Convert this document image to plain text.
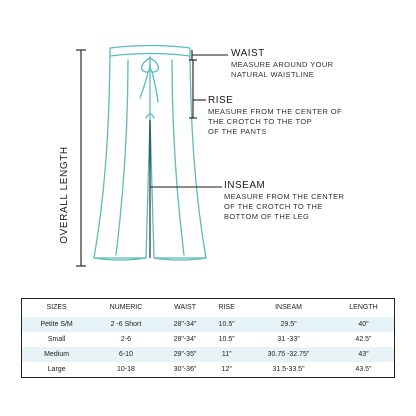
WAIST
MEASURE AROUND YOUR
NATURAL WAISTLINE
RISE
MEASURE FROM THE CENTER OF
THE CROTCH TO THE TOP
OF THE PANTS
INSEAM
MEASURE FROM THE CENTER
OF THE CROTCH TO THE
BOTTOM OF THE LEG
OVERALL LENGTH
SIZES	NUMERIC	WAIST	RISE	INSEAM	LENGTH
Petite S/M	2 -6 Short	28"-34"	10.5"	29.5"	40"
Small	2-6	28"-34"	10.5"	31 -33"	42.5"
Medium	6-10	29"-35"	11"	30.75 -32.75"	43"
Large	10-18	30"-36"	12"	31.5-33.5"	43.5"
